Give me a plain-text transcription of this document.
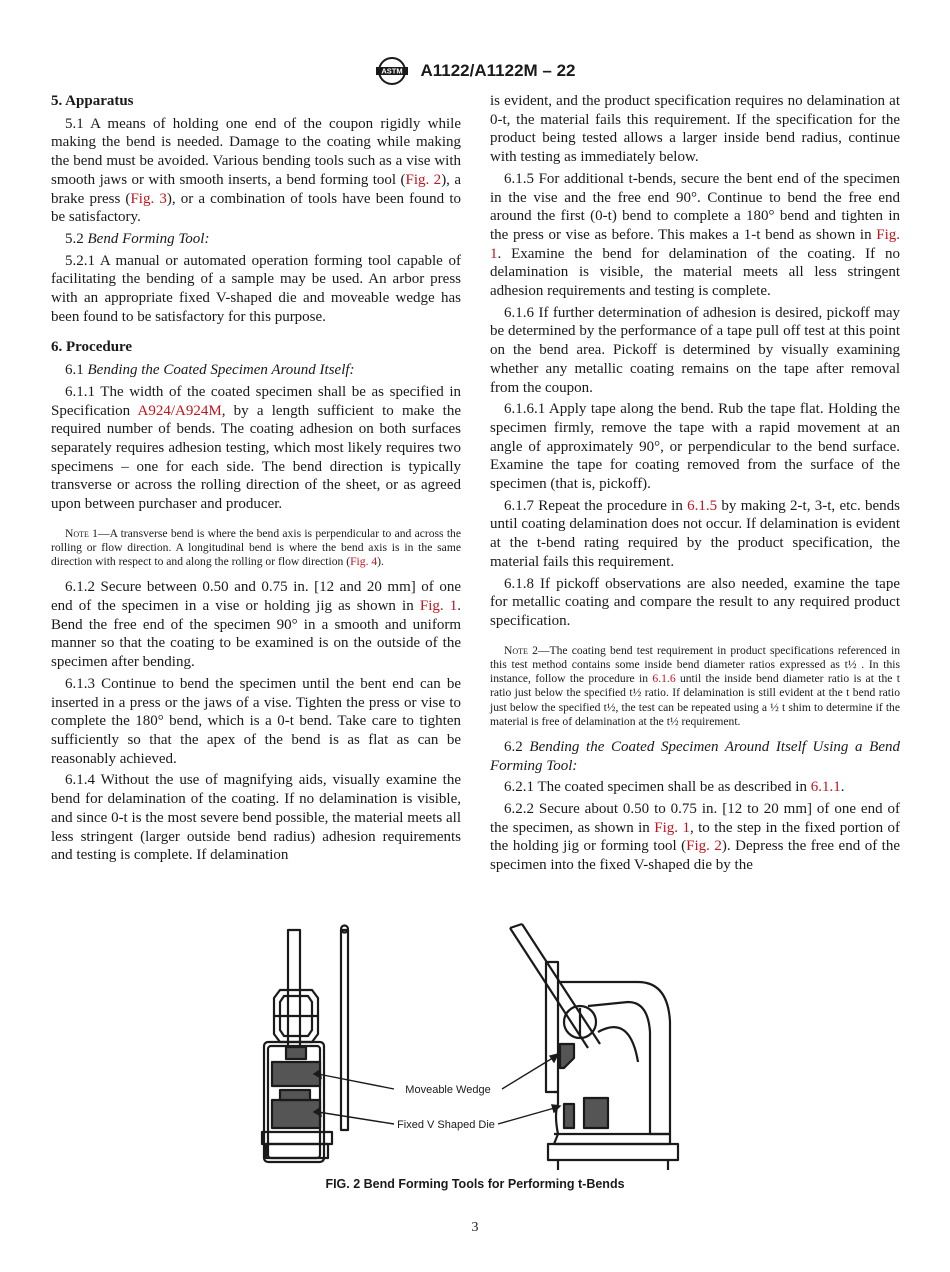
ASTM A1122/A1122M – 22
5. Apparatus

5.1 A means of holding one end of the coupon rigidly while making the bend is needed. Damage to the coating while making the bend must be avoided. Various bending tools such as a vise with smooth jaws or with smooth inserts, a bend forming tool (Fig. 2), a brake press (Fig. 3), or a combination of tools have been found to be satisfactory.

5.2 Bend Forming Tool:

5.2.1 A manual or automated operation forming tool capable of facilitating the bending of a sample may be used. An arbor press with an appropriate fixed V-shaped die and moveable wedge has been found to be satisfactory for this purpose.

6. Procedure

6.1 Bending the Coated Specimen Around Itself:

6.1.1 The width of the coated specimen shall be as specified in Specification A924/A924M, by a length sufficient to make the required number of bends. The coating adhesion on both surfaces separately requires adhesion testing, which most likely requires two specimens – one for each side. The bend direction is typically transverse or across the rolling direction of the sheet, or as agreed upon between purchaser and producer.

Note 1—A transverse bend is where the bend axis is perpendicular to and across the rolling or flow direction. A longitudinal bend is where the bend axis is in the same direction with respect to and along the rolling or flow direction (Fig. 4).

6.1.2 Secure between 0.50 and 0.75 in. [12 and 20 mm] of one end of the specimen in a vise or holding jig as shown in Fig. 1. Bend the free end of the specimen 90° in a smooth and uniform manner so that the coating to be examined is on the outside of the specimen after bending.

6.1.3 Continue to bend the specimen until the bent end can be inserted in a press or the jaws of a vise. Tighten the press or vise to complete the 180° bend, which is a 0-t bend. Take care to tighten sufficiently so that the apex of the bend is as flat as can be reasonably achieved.

6.1.4 Without the use of magnifying aids, visually examine the bend for delamination of the coating. If no delamination is visible, and since 0-t is the most severe bend possible, the material meets all less stringent (larger outside bend radius) adhesion requirements and testing is complete. If delamination

is evident, and the product specification requires no delamination at 0-t, the material fails this requirement. If the specification for the product being tested allows a larger inside bend radius, continue with testing as immediately below.

6.1.5 For additional t-bends, secure the bent end of the specimen in the vise and the free end 90°. Continue to bend the free end around the first (0-t) bend to complete a 180° bend and tighten in the press or vise as before. This makes a 1-t bend as shown in Fig. 1. Examine the bend for delamination of the coating. If no delamination is visible, the material meets all less stringent adhesion requirements and testing is complete.

6.1.6 If further determination of adhesion is desired, pickoff may be determined by the performance of a tape pull off test at this point on the bend area. Pickoff is determined by visually examining whether any metallic coating remains on the tape after removal from the coupon.

6.1.6.1 Apply tape along the bend. Rub the tape flat. Holding the specimen firmly, remove the tape with a rapid movement at an angle of approximately 90°, or perpendicular to the bend surface. Examine the tape for coating removed from the surface of the specimen (that is, pickoff).

6.1.7 Repeat the procedure in 6.1.5 by making 2-t, 3-t, etc. bends until coating delamination does not occur. If delamination is evident at the t-bend rating required by the product specification, the material fails this requirement.

6.1.8 If pickoff observations are also needed, examine the tape for metallic coating and compare the result to any required product specification.

Note 2—The coating bend test requirement in product specifications referenced in this test method contains some inside bend diameter ratios expressed as t½ . In this instance, follow the procedure in 6.1.6 until the inside bend diameter ratio is at the t ratio just below the specified t½ ratio. If delamination is still evident at the t bend ratio just below the specified t½, the test can be repeated using a ½ t shim to determine if the material is free of delamination at the t½ requirement.

6.2 Bending the Coated Specimen Around Itself Using a Bend Forming Tool:

6.2.1 The coated specimen shall be as described in 6.1.1.

6.2.2 Secure about 0.50 to 0.75 in. [12 to 20 mm] of one end of the specimen, as shown in Fig. 1, to the step in the fixed portion of the holding jig or forming tool (Fig. 2). Depress the free end of the specimen into the fixed V-shaped die by the

Moveable Wedge
Fixed V Shaped Die
FIG. 2 Bend Forming Tools for Performing t-Bends
3
